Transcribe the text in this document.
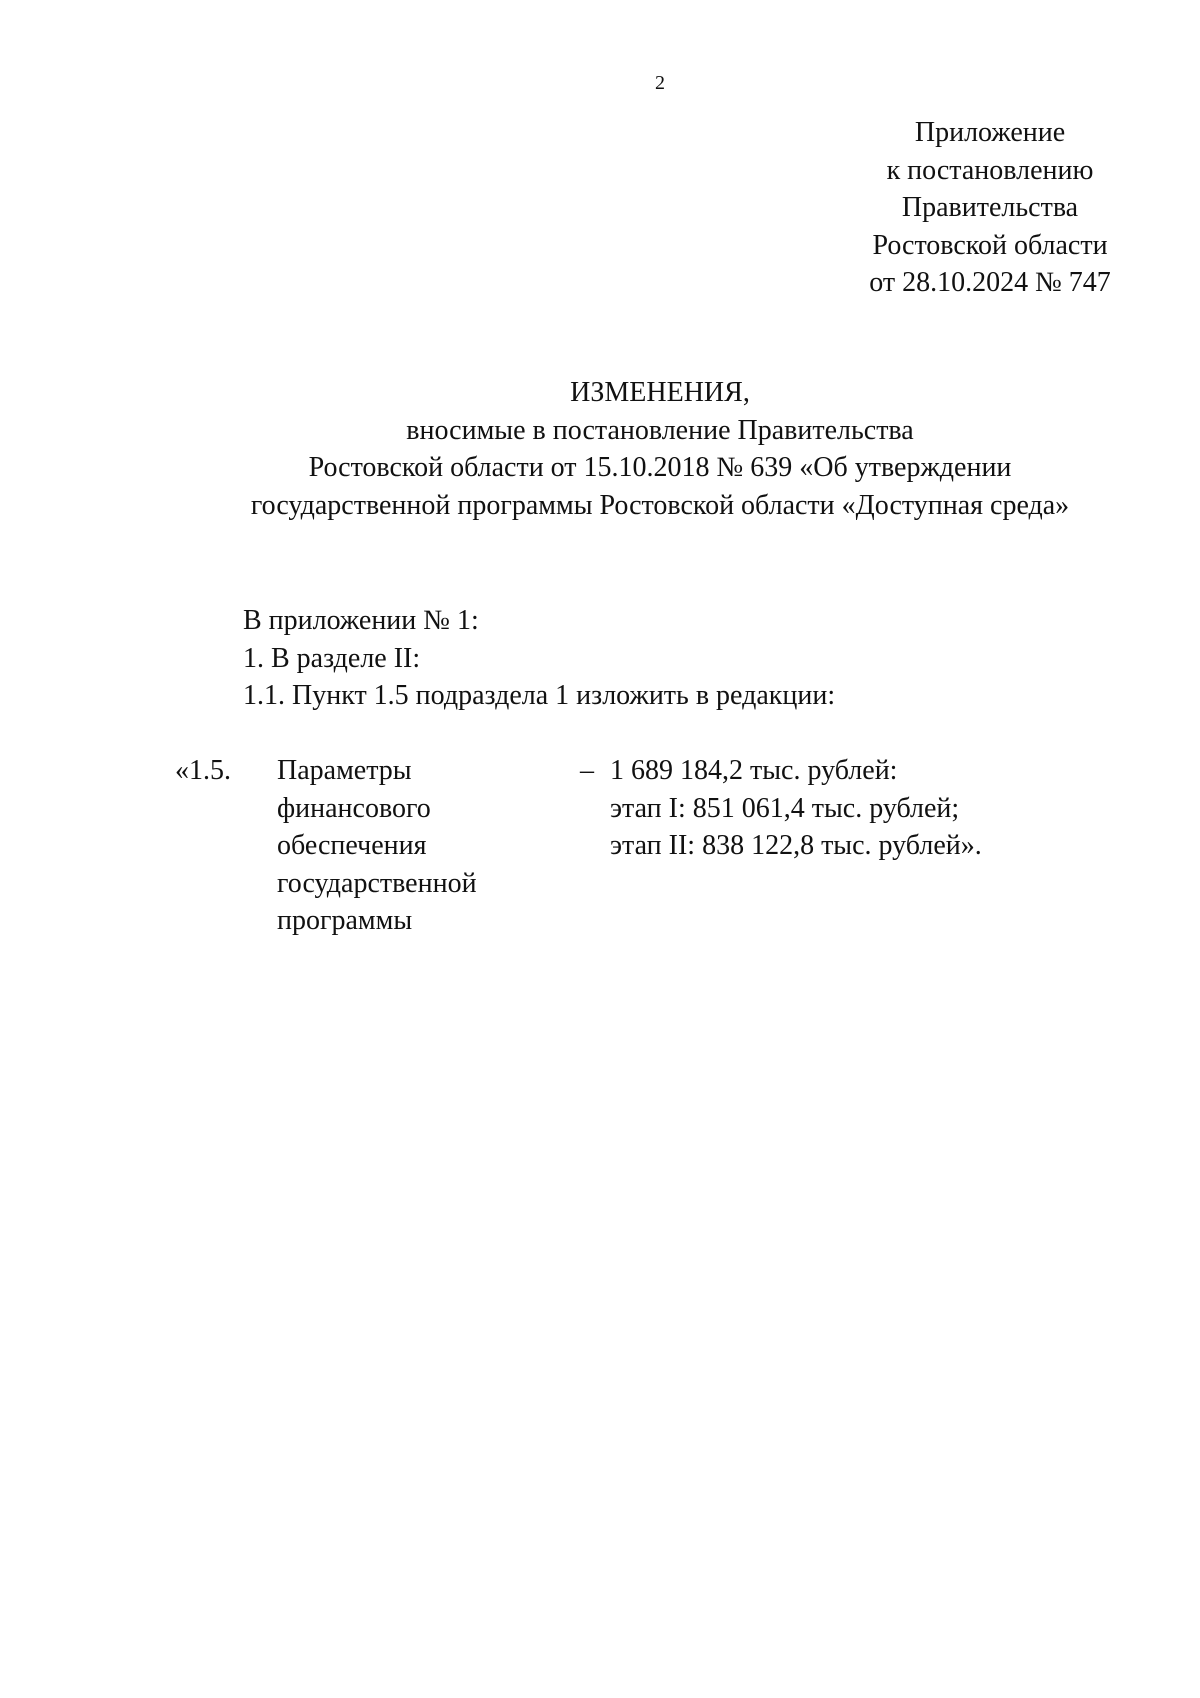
2
Приложение
к постановлению
Правительства
Ростовской области
от 28.10.2024 № 747
ИЗМЕНЕНИЯ,
вносимые в постановление Правительства
Ростовской области от 15.10.2018 № 639 «Об утверждении
государственной программы Ростовской области «Доступная среда»
В приложении № 1:
1. В разделе II:
1.1. Пункт 1.5 подраздела 1 изложить в редакции:
«1.5. Параметры
финансового
обеспечения
государственной
программы
– 1 689 184,2 тыс. рублей:
этап I: 851 061,4 тыс. рублей;
этап II: 838 122,8 тыс. рублей».
